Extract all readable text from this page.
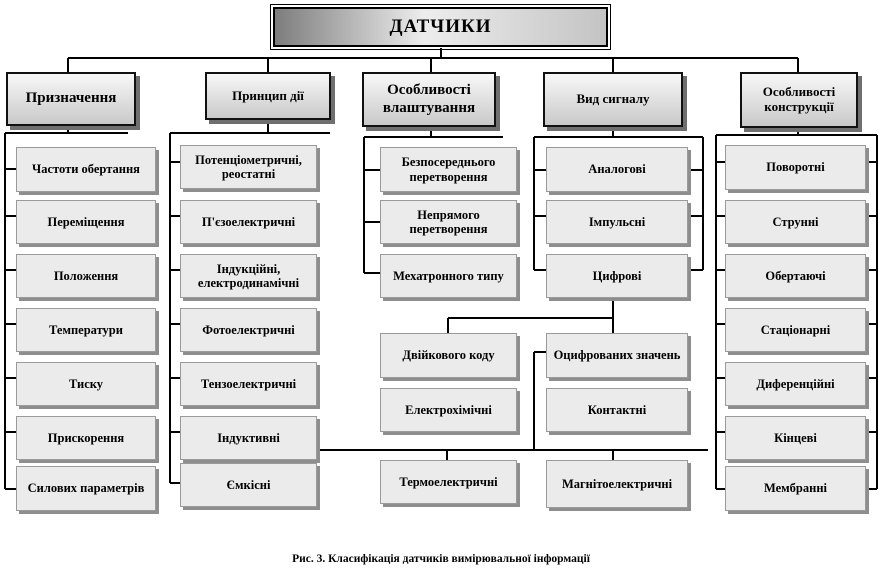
ДАТЧИКИ
Призначення	Принцип дії	Особливості влаштування
Вид сигналу	Особливості конструкції
Частоти обертання
Переміщення
Положення
Температури
Тиску
Прискорення
Силових параметрів
Потенціометричні, реостатні
П'єзоелектричні
Індукційні, електродинамічні
Фотоелектричні
Тензоелектричні
Індуктивні
Ємкісні
Безпосереднього перетворення
Непрямого перетворення
Мехатронного типу
Аналогові
Імпульсні
Цифрові
Двійкового коду	Оцифрованих значень
Електрохімічні	Контактні
Термоелектричні	Магнітоелектричні
Поворотні
Струнні
Обертаючі
Стаціонарні
Диференційні
Кінцеві
Мембранні
Рис. 3. Класифікація датчиків вимірювальної інформації
